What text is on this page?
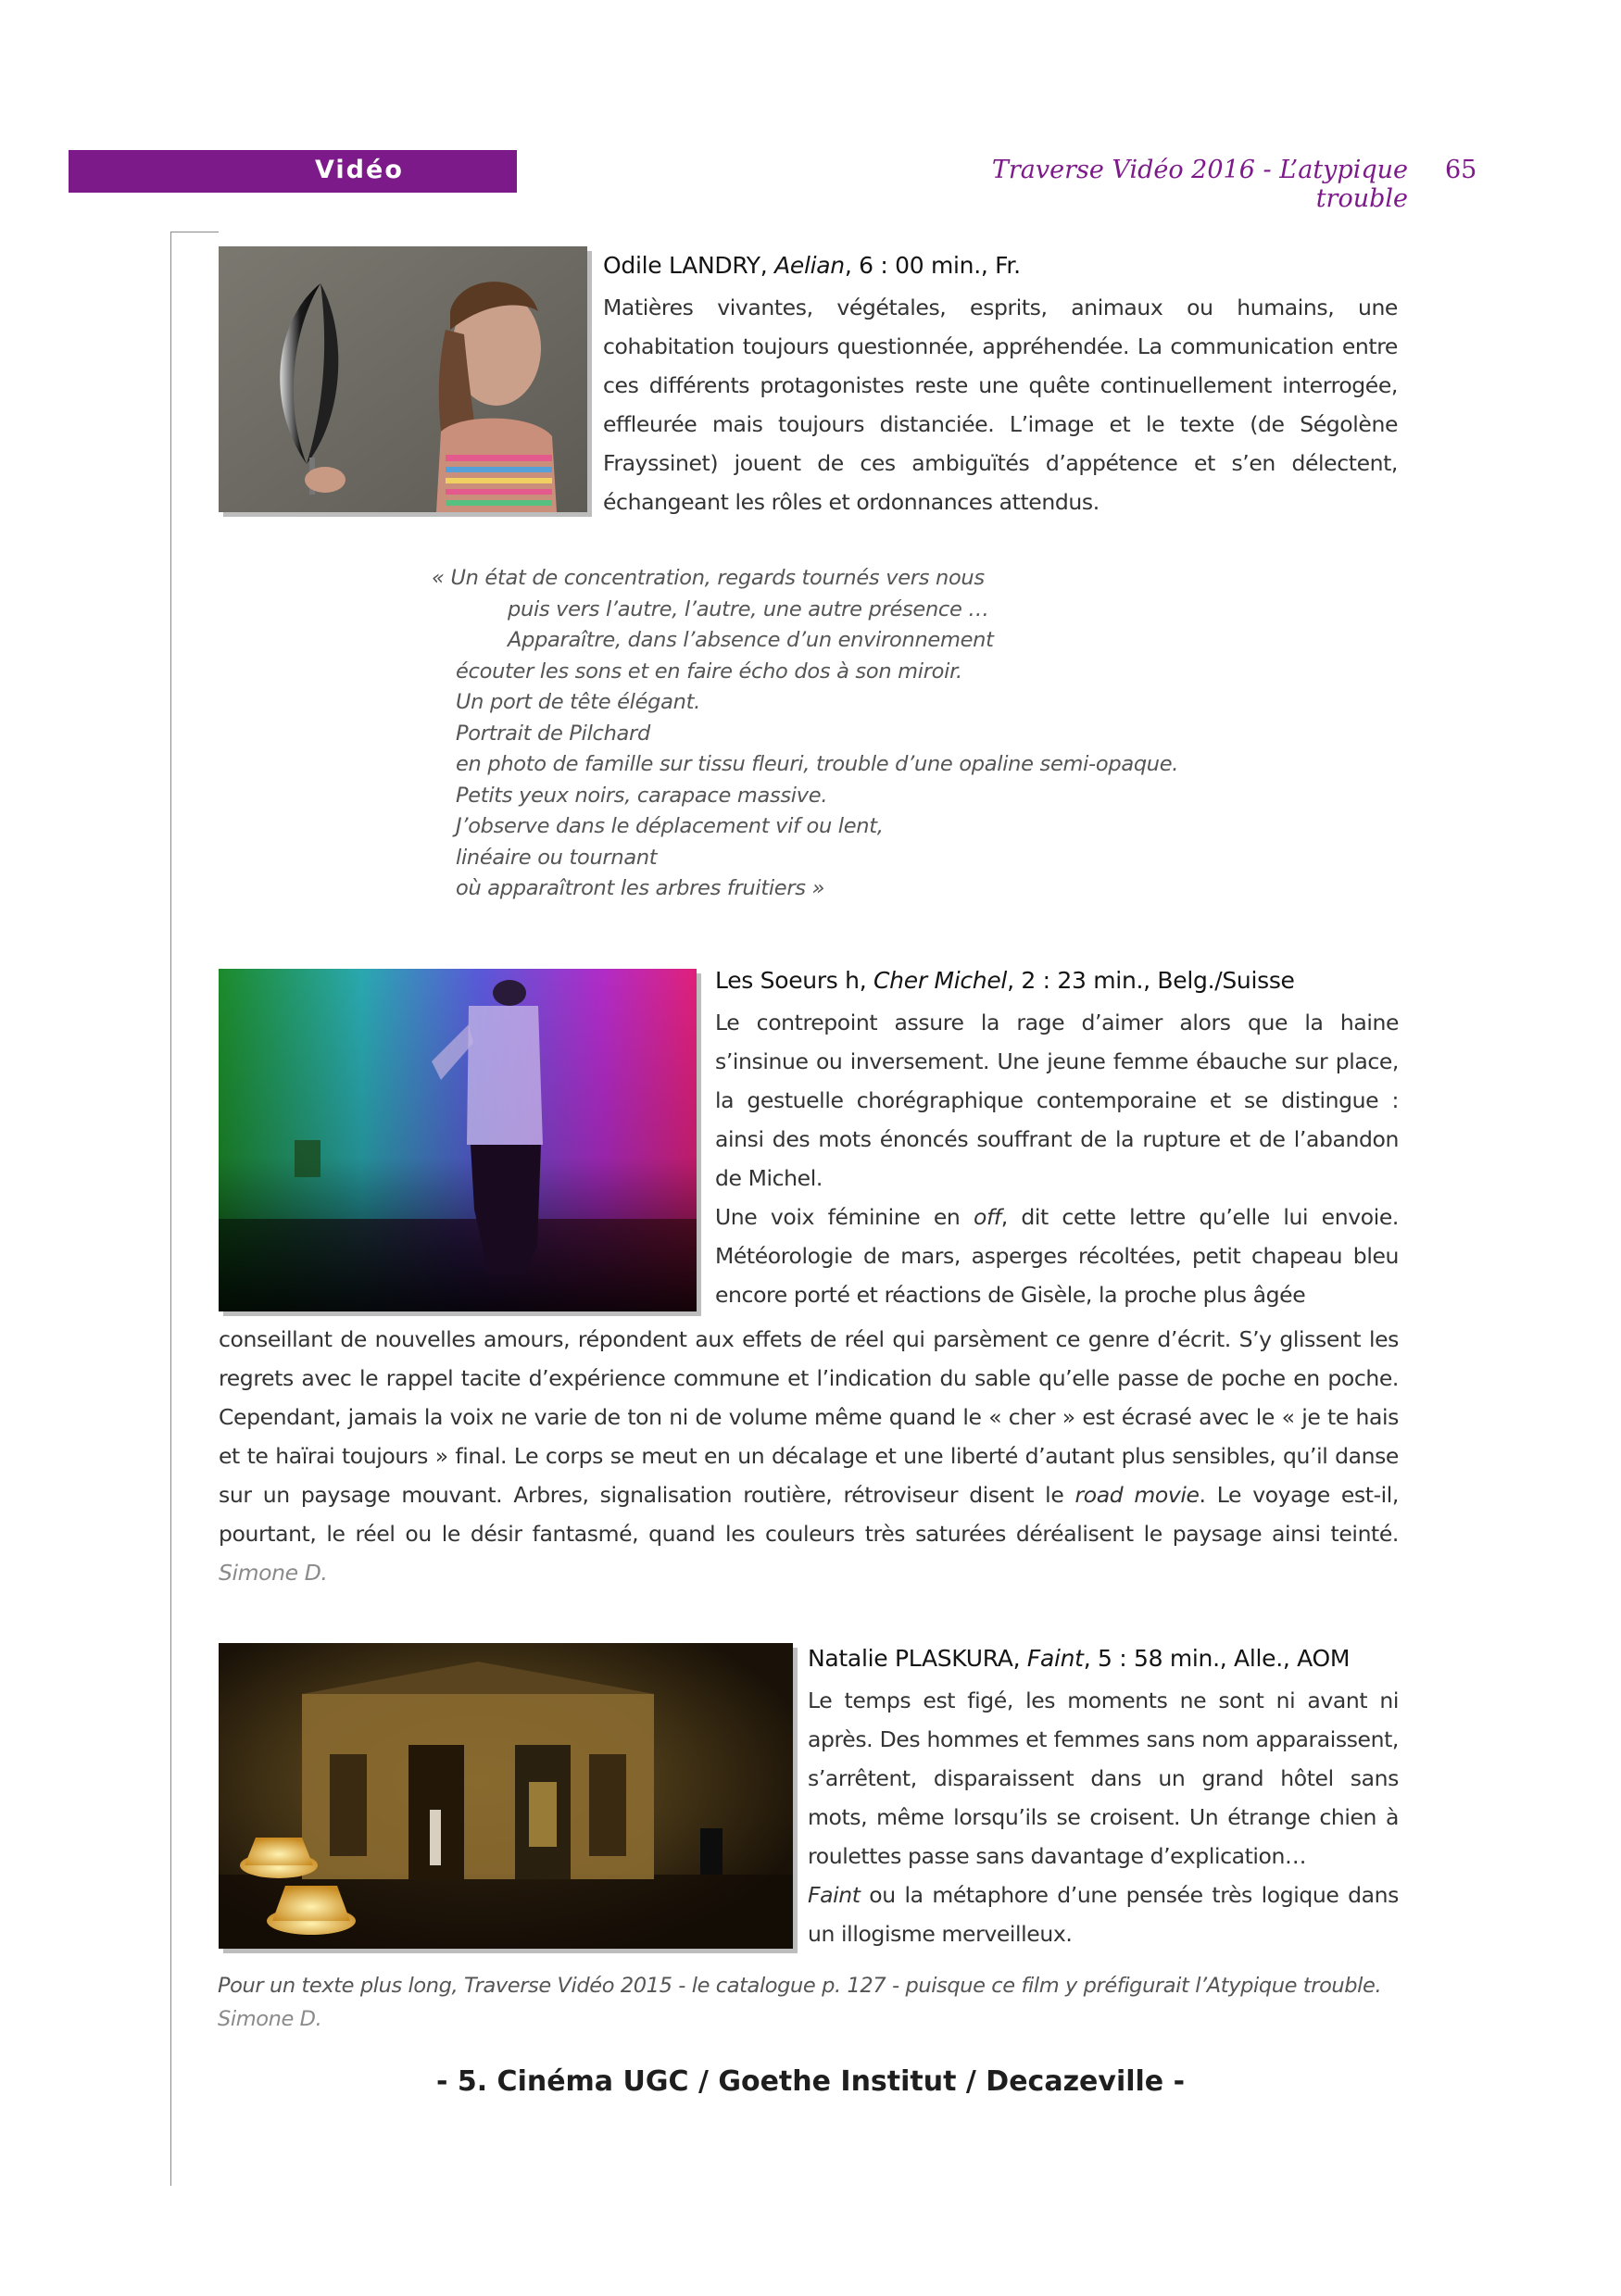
Vidéo	Traverse Vidéo 2016 - L’atypique trouble
65
Odile LANDRY, Aelian, 6 : 00 min., Fr.
Matières vivantes, végétales, esprits, animaux ou humains, une cohabitation toujours questionnée, appréhendée. La communication entre ces différents protagonistes reste une quête continuellement interrogée, effleurée mais toujours distanciée. L’image et le texte (de Ségolène Frayssinet) jouent de ces ambiguïtés d’appétence et s’en délectent, échangeant les rôles et ordonnances attendus.
« Un état de concentration, regards tournés vers nous
puis vers l’autre, l’autre, une autre présence …
Apparaître, dans l’absence d’un environnement
écouter les sons et en faire écho dos à son miroir.
Un port de tête élégant.
Portrait de Pilchard
en photo de famille sur tissu fleuri, trouble d’une opaline semi-opaque.
Petits yeux noirs, carapace massive.
J’observe dans le déplacement vif ou lent,
linéaire ou tournant
où apparaîtront les arbres fruitiers »
Les Soeurs h, Cher Michel, 2 : 23 min., Belg./Suisse

Le contrepoint assure la rage d’aimer alors que la haine s’insinue ou inversement. Une jeune femme ébauche sur place, la gestuelle chorégraphique contemporaine et se distingue : ainsi des mots énoncés souffrant de la rupture et de l’abandon de Michel.

Une voix féminine en off, dit cette lettre qu’elle lui envoie. Météorologie de mars, asperges récoltées, petit chapeau bleu encore porté et réactions de Gisèle, la proche plus âgée

conseillant de nouvelles amours, répondent aux effets de réel qui parsèment ce genre d’écrit. S’y glissent les regrets avec le rappel tacite d’expérience commune et l’indication du sable qu’elle passe de poche en poche. Cependant, jamais la voix ne varie de ton ni de volume même quand le « cher » est écrasé avec le « je te hais et te haïrai toujours » final. Le corps se meut en un décalage et une liberté d’autant plus sensibles, qu’il danse sur un paysage mouvant. Arbres, signalisation routière, rétroviseur disent le road movie. Le voyage est-il, pourtant, le réel ou le désir fantasmé, quand les couleurs très saturées déréalisent le paysage ainsi teinté. Simone D.
Natalie PLASKURA, Faint, 5 : 58 min., Alle., AOM

Le temps est figé, les moments ne sont ni avant ni après. Des hommes et femmes sans nom apparaissent, s’arrêtent, disparaissent dans un grand hôtel sans mots, même lorsqu’ils se croisent. Un étrange chien à roulettes passe sans davantage d’explication…

Faint ou la métaphore d’une pensée très logique dans un illogisme merveilleux.

Pour un texte plus long, Traverse Vidéo 2015 - le catalogue p. 127 - puisque ce film y préfigurait l’Atypique trouble. Simone D.
- 5. Cinéma UGC / Goethe Institut / Decazeville -
